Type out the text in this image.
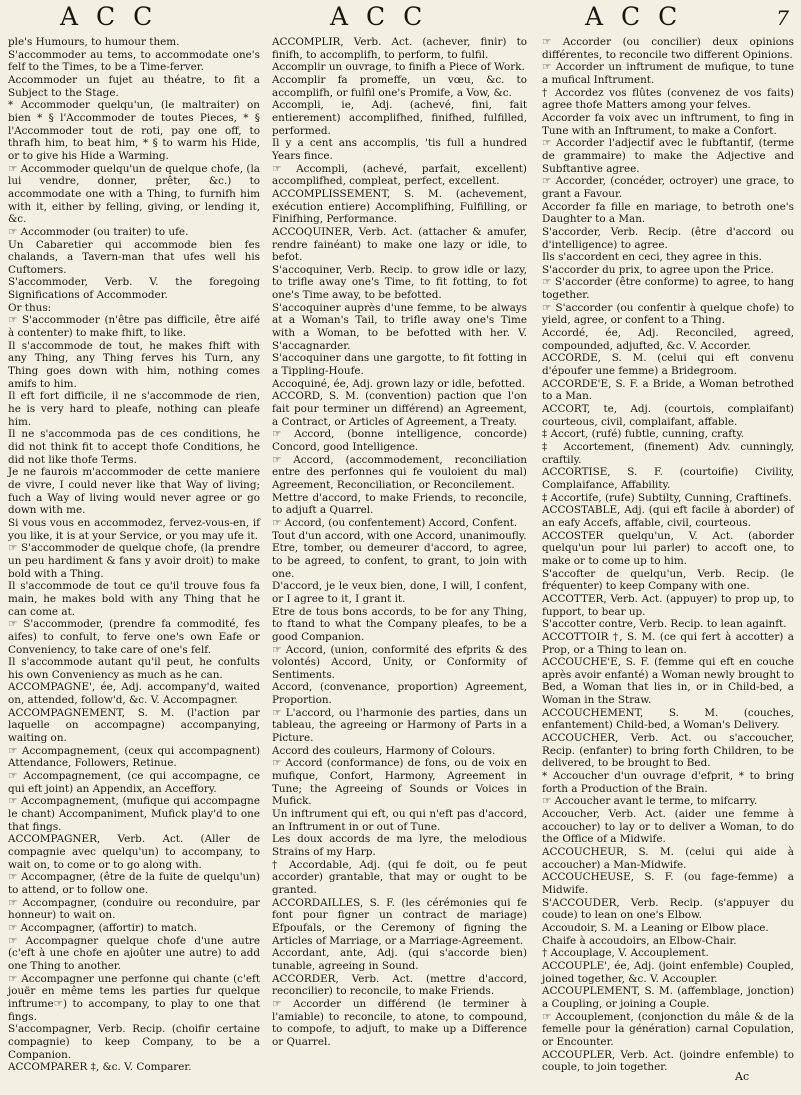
A C C	A C C	A C C	7

ple's Humours, to humour them.

S'accommoder au tems, to accommodate one's felf to the Times, to be a Time-ferver.

Accommoder un fujet au théatre, to fit a Subject to the Stage.

* Accommoder quelqu'un, (le maltraiter) on bien * § l'Accommoder de toutes Pieces, * § l'Accommoder tout de roti, pay one off, to thrafh him, to beat him, * § to warm his Hide, or to give his Hide a Warming.

☞ Accommoder quelqu'un de quelque chofe, (la lui vendre, donner, prêter, &c.) to accommodate one with a Thing, to furnifh him with it, either by felling, giving, or lending it, &c.

☞ Accommoder (ou traiter) to ufe.

Un Cabaretier qui accommode bien fes chalands, a Tavern-man that ufes well his Cuftomers.

S'accommoder, Verb. V. the foregoing Significations of Accommoder.

Or thus:

☞ S'accommoder (n'être pas difficile, être aifé à contenter) to make fhift, to like.

Il s'accommode de tout, he makes fhift with any Thing, any Thing ferves his Turn, any Thing goes down with him, nothing comes amifs to him.

Il eft fort difficile, il ne s'accommode de rien, he is very hard to pleafe, nothing can pleafe him.

Il ne s'accommoda pas de ces conditions, he did not think fit to accept thofe Conditions, he did not like thofe Terms.

Je ne faurois m'accommoder de cette maniere de vivre, I could never like that Way of living; fuch a Way of living would never agree or go down with me.

Si vous vous en accommodez, fervez-vous-en, if you like, it is at your Service, or you may ufe it.

☞ S'accommoder de quelque chofe, (la prendre un peu hardiment & fans y avoir droit) to make bold with a Thing.

Il s'accommode de tout ce qu'il trouve fous fa main, he makes bold with any Thing that he can come at.

☞ S'accommoder, (prendre fa commodité, fes aifes) to confult, to ferve one's own Eafe or Conveniency, to take care of one's felf.

Il s'accommode autant qu'il peut, he confults his own Conveniency as much as he can.

ACCOMPAGNE', ée, Adj. accompany'd, waited on, attended, follow'd, &c. V. Accompagner.

ACCOMPAGNEMENT, S. M. (l'action par laquelle on accompagne) accompanying, waiting on.

☞ Accompagnement, (ceux qui accompagnent) Attendance, Followers, Retinue.

☞ Accompagnement, (ce qui accompagne, ce qui eft joint) an Appendix, an Acceffory.

☞ Accompagnement, (mufique qui accompagne le chant) Accompaniment, Mufick play'd to one that fings.

ACCOMPAGNER, Verb. Act. (Aller de compagnie avec quelqu'un) to accompany, to wait on, to come or to go along with.

☞ Accompagner, (être de la fuite de quelqu'un) to attend, or to follow one.

☞ Accompagner, (conduire ou reconduire, par honneur) to wait on.

☞ Accompagner, (affortir) to match.

☞ Accompagner quelque chofe d'une autre (c'eft à une chofe en ajoûter une autre) to add one Thing to another.

☞ Accompagner une perfonne qui chante (c'eft jouër en même tems les parties fur quelque inftrume☞) to accompany, to play to one that fings.

S'accompagner, Verb. Recip. (choifir certaine compagnie) to keep Company, to be a Companion.

ACCOMPARER ‡, &c. V. Comparer.

ACCOMPLIR, Verb. Act. (achever, finir) to finifh, to accomplifh, to perform, to fulfil.

Accomplir un ouvrage, to finifh a Piece of Work.

Accomplir fa promeffe, un vœu, &c. to accomplifh, or fulfil one's Promife, a Vow, &c.

Accompli, ie, Adj. (achevé, fini, fait entierement) accomplifhed, finifhed, fulfilled, performed.

Il y a cent ans accomplis, 'tis full a hundred Years fince.

☞ Accompli, (achevé, parfait, excellent) accomplifhed, compleat, perfect, excellent.

ACCOMPLISSEMENT, S. M. (achevement, exécution entiere) Accomplifhing, Fulfilling, or Finifhing, Performance.

ACCOQUINER, Verb. Act. (attacher & amufer, rendre fainéant) to make one lazy or idle, to befot.

S'accoquiner, Verb. Recip. to grow idle or lazy, to trifle away one's Time, to fit fotting, to fot one's Time away, to be befotted.

S'accoquiner auprès d'une femme, to be always at a Woman's Tail, to trifle away one's Time with a Woman, to be befotted with her. V. S'accagnarder.

S'accoquiner dans une gargotte, to fit fotting in a Tippling-Houfe.

Accoquiné, ée, Adj. grown lazy or idle, befotted.

ACCORD, S. M. (convention) paction que l'on fait pour terminer un différend) an Agreement, a Contract, or Articles of Agreement, a Treaty.

☞ Accord, (bonne intelligence, concorde) Concord, good Intelligence.

☞ Accord, (accommodement, reconciliation entre des perfonnes qui fe vouloient du mal) Agreement, Reconciliation, or Reconcilement.

Mettre d'accord, to make Friends, to reconcile, to adjuft a Quarrel.

☞ Accord, (ou confentement) Accord, Confent.

Tout d'un accord, with one Accord, unanimoufly.

Etre, tomber, ou demeurer d'accord, to agree, to be agreed, to confent, to grant, to join with one.

D'accord, je le veux bien, done, I will, I confent, or I agree to it, I grant it.

Etre de tous bons accords, to be for any Thing, to ftand to what the Company pleafes, to be a good Companion.

☞ Accord, (union, conformité des efprits & des volontés) Accord, Unity, or Conformity of Sentiments.

Accord, (convenance, proportion) Agreement, Proportion.

☞ L'accord, ou l'harmonie des parties, dans un tableau, the agreeing or Harmony of Parts in a Picture.

Accord des couleurs, Harmony of Colours.

☞ Accord (conformance) de fons, ou de voix en mufique, Confort, Harmony, Agreement in Tune; the Agreeing of Sounds or Voices in Mufick.

Un inftrument qui eft, ou qui n'eft pas d'accord, an Inftrument in or out of Tune.

Les doux accords de ma lyre, the melodious Strains of my Harp.

† Accordable, Adj. (qui fe doit, ou fe peut accorder) grantable, that may or ought to be granted.

ACCORDAILLES, S. F. (les cérémonies qui fe font pour figner un contract de mariage) Efpoufals, or the Ceremony of figning the Articles of Marriage, or a Marriage-Agreement.

Accordant, ante, Adj. (qui s'accorde bien) tunable, agreeing in Sound.

ACCORDER, Verb. Act. (mettre d'accord, reconcilier) to reconcile, to make Friends.

☞ Accorder un différend (le terminer à l'amiable) to reconcile, to atone, to compound, to compofe, to adjuft, to make up a Difference or Quarrel.

☞ Accorder (ou concilier) deux opinions différentes, to reconcile two different Opinions.

☞ Accorder un inftrument de mufique, to tune a mufical Inftrument.

† Accordez vos flûtes (convenez de vos faits) agree thofe Matters among your felves.

Accorder fa voix avec un inftrument, to fing in Tune with an Inftrument, to make a Confort.

☞ Accorder l'adjectif avec le fubftantif, (terme de grammaire) to make the Adjective and Subftantive agree.

☞ Accorder, (concéder, octroyer) une grace, to grant a Favour.

Accorder fa fille en mariage, to betroth one's Daughter to a Man.

S'accorder, Verb. Recip. (être d'accord ou d'intelligence) to agree.

Ils s'accordent en ceci, they agree in this.

S'accorder du prix, to agree upon the Price.

☞ S'accorder (être conforme) to agree, to hang together.

☞ S'accorder (ou confentir à quelque chofe) to yield, agree, or confent to a Thing.

Accordé, ée, Adj. Reconciled, agreed, compounded, adjufted, &c. V. Accorder.

ACCORDE, S. M. (celui qui eft convenu d'époufer une femme) a Bridegroom.

ACCORDE'E, S. F. a Bride, a Woman betrothed to a Man.

ACCORT, te, Adj. (courtois, complaifant) courteous, civil, complaifant, affable.

‡ Accort, (rufé) fubtle, cunning, crafty.

‡ Accortement, (finement) Adv. cunningly, craftily.

ACCORTISE, S. F. (courtoifie) Civility, Complaifance, Affability.

‡ Accortife, (rufe) Subtilty, Cunning, Craftinefs.

ACCOSTABLE, Adj. (qui eft facile à aborder) of an eafy Accefs, affable, civil, courteous.

ACCOSTER quelqu'un, V. Act. (aborder quelqu'un pour lui parler) to accoft one, to make or to come up to him.

S'accofter de quelqu'un, Verb. Recip. (le fréquenter) to keep Company with one.

ACCOTTER, Verb. Act. (appuyer) to prop up, to fupport, to bear up.

S'accotter contre, Verb. Recip. to lean againft.

ACCOTTOIR †, S. M. (ce qui fert à accotter) a Prop, or a Thing to lean on.

ACCOUCHE'E, S. F. (femme qui eft en couche après avoir enfanté) a Woman newly brought to Bed, a Woman that lies in, or in Child-bed, a Woman in the Straw.

ACCOUCHEMENT, S. M. (couches, enfantement) Child-bed, a Woman's Delivery.

ACCOUCHER, Verb. Act. ou s'accoucher, Recip. (enfanter) to bring forth Children, to be delivered, to be brought to Bed.

* Accoucher d'un ouvrage d'efprit, * to bring forth a Production of the Brain.

☞ Accoucher avant le terme, to mifcarry.

Accoucher, Verb. Act. (aider une femme à accoucher) to lay or to deliver a Woman, to do the Office of a Midwife.

ACCOUCHEUR, S. M. (celui qui aide à accoucher) a Man-Midwife.

ACCOUCHEUSE, S. F. (ou fage-femme) a Midwife.

S'ACCOUDER, Verb. Recip. (s'appuyer du coude) to lean on one's Elbow.

Accoudoir, S. M. a Leaning or Elbow place.

Chaife à accoudoirs, an Elbow-Chair.

† Accouplage, V. Accouplement.

ACCOUPLE', ée, Adj. (joint enfemble) Coupled, joined together, &c. V. Accoupler.

ACCOUPLEMENT, S. M. (affemblage, jonction) a Coupling, or joining a Couple.

☞ Accouplement, (conjonction du mâle & de la femelle pour la génération) carnal Copulation, or Encounter.

ACCOUPLER, Verb. Act. (joindre enfemble) to couple, to join together.

Ac
